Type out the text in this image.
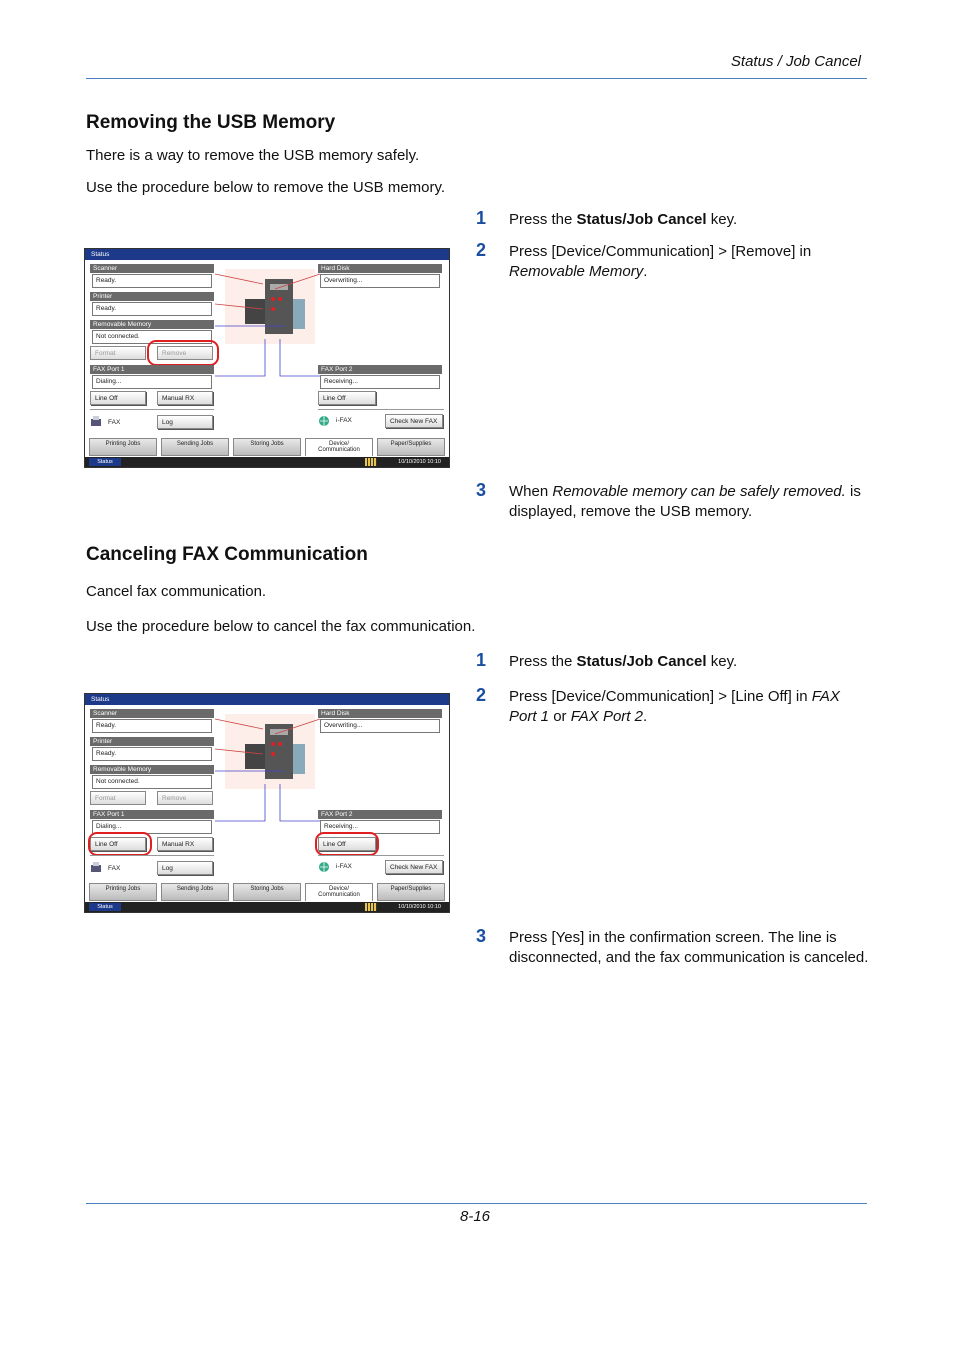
Status / Job Cancel
Removing the USB Memory
There is a way to remove the USB memory safely.
Use the procedure below to remove the USB memory.
1 Press the Status/Job Cancel key.
2 Press [Device/Communication] > [Remove] in Removable Memory.
3 When Removable memory can be safely removed. is displayed, remove the USB memory.
Status
Scanner
Ready.
Printer
Ready.
Removable Memory
Not connected.
Format	Remove
FAX Port 1
Dialing...
Line Off	Manual RX
FAX	Log
Hard Disk
Overwriting...
FAX Port 2
Receiving...
Line Off
i-FAX	Check New FAX
Printing Jobs	Sending Jobs	Storing Jobs	Device/
Communication
Paper/Supplies
Status	10/10/2010 10:10
Canceling FAX Communication
Cancel fax communication.
Use the procedure below to cancel the fax communication.
1 Press the Status/Job Cancel key.
2 Press [Device/Communication] > [Line Off] in FAX Port 1 or FAX Port 2.
3 Press [Yes] in the confirmation screen. The line is disconnected, and the fax communication is canceled.
Status
Scanner
Ready.
Printer
Ready.
Removable Memory
Not connected.
Format	Remove
FAX Port 1
Dialing...
Line Off	Manual RX
FAX	Log
Hard Disk
Overwriting...
FAX Port 2
Receiving...
Line Off
i-FAX	Check New FAX
Printing Jobs	Sending Jobs	Storing Jobs	Device/
Communication
Paper/Supplies
Status	10/10/2010 10:10
8-16
